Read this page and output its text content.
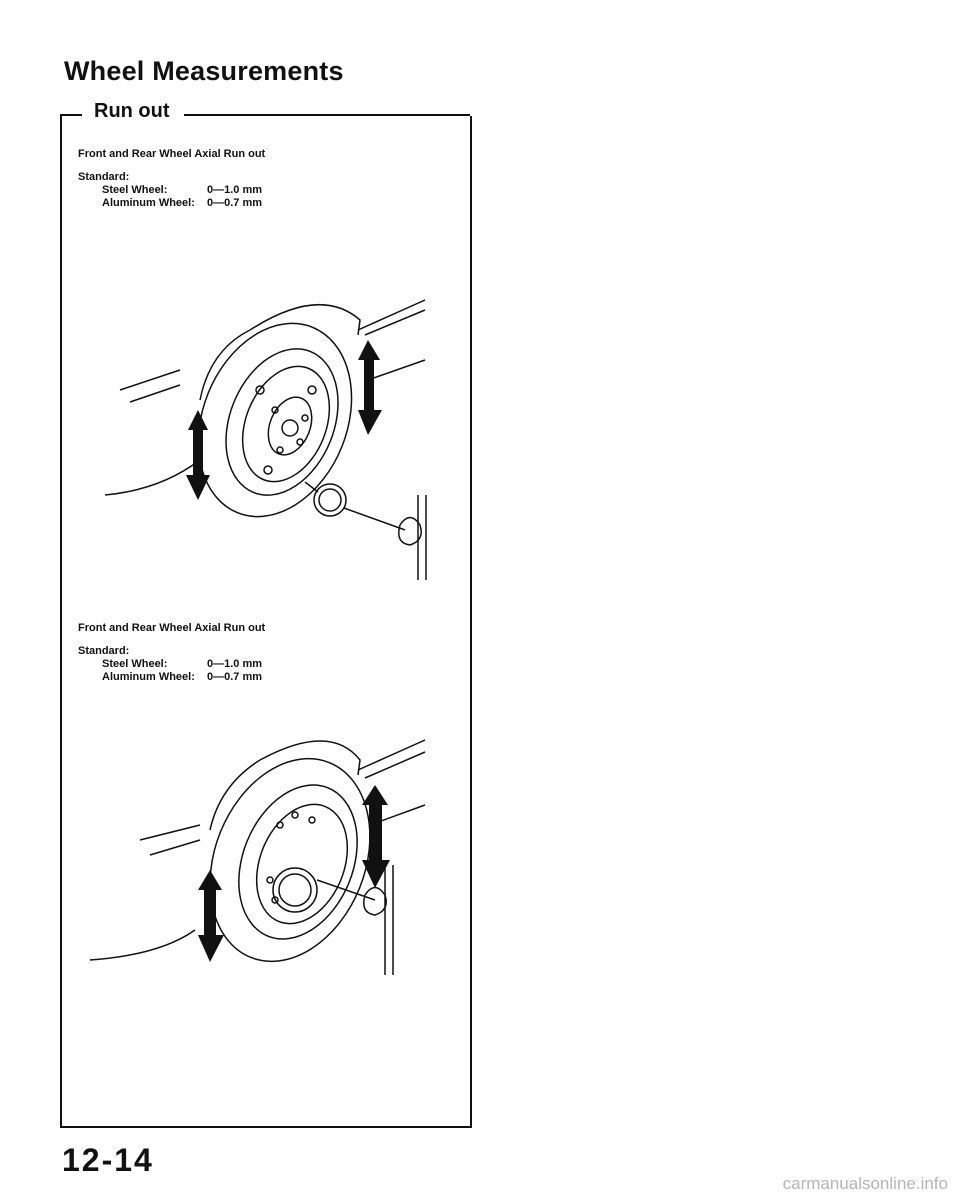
Wheel Measurements
Run out
Front and Rear Wheel Axial Run out
Standard:
Steel Wheel:	0—1.0 mm
Aluminum Wheel: 0—0.7 mm
Front and Rear Wheel Axial Run out
Standard:
Steel Wheel:	0—1.0 mm
Aluminum Wheel: 0—0.7 mm
12-14
carmanualsonline.info
